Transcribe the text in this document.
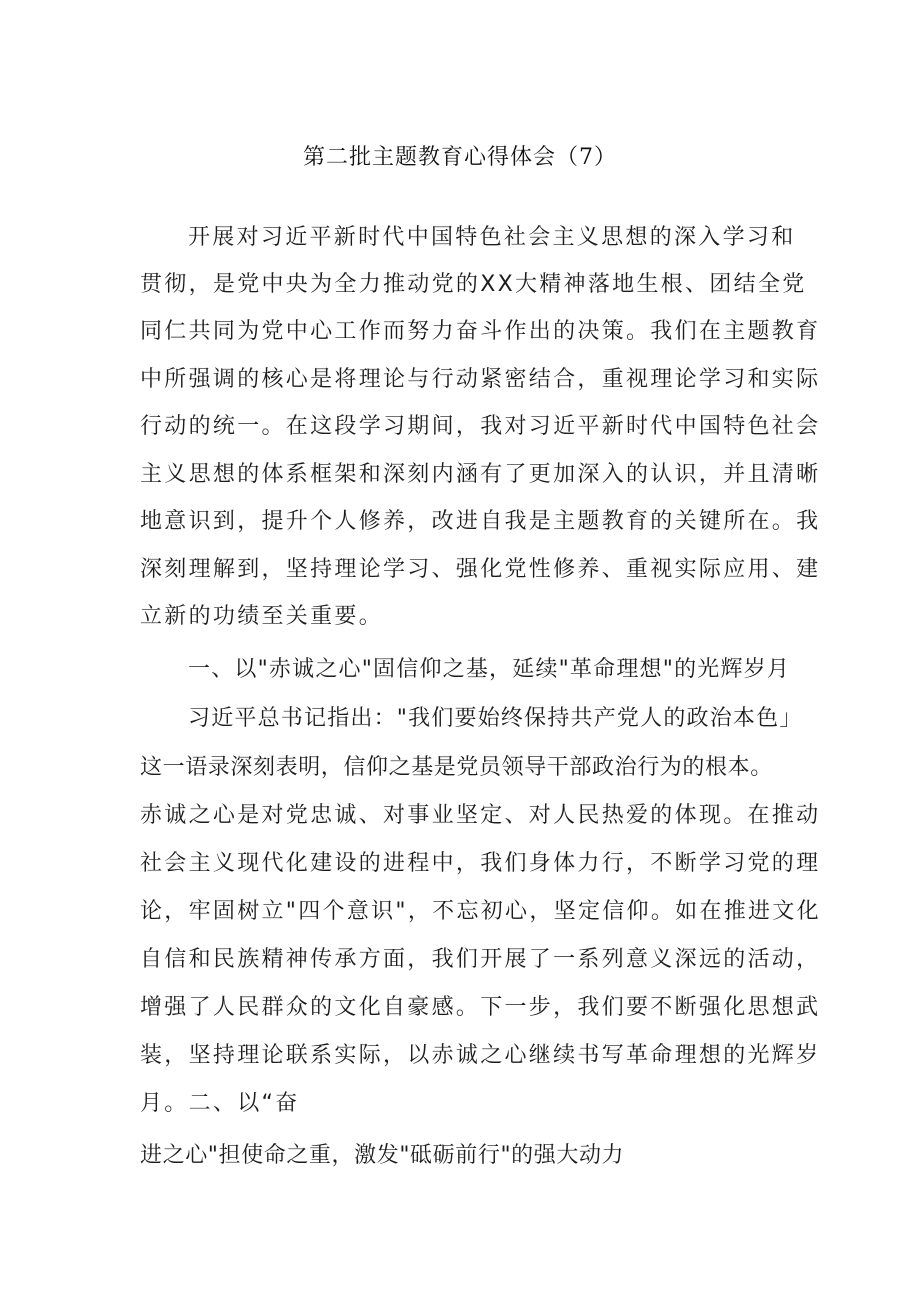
第二批主题教育心得体会（7）
开展对习近平新时代中国特色社会主义思想的深入学习和
贯彻，是党中央为全力推动党的XX大精神落地生根、团结全党
同仁共同为党中心工作而努力奋斗作出的决策。我们在主题教育
中所强调的核心是将理论与行动紧密结合，重视理论学习和实际
行动的统一。在这段学习期间，我对习近平新时代中国特色社会
主义思想的体系框架和深刻内涵有了更加深入的认识，并且清晰
地意识到，提升个人修养，改进自我是主题教育的关键所在。我
深刻理解到，坚持理论学习、强化党性修养、重视实际应用、建
立新的功绩至关重要。
一、以"赤诚之心"固信仰之基，延续"革命理想"的光辉岁月
习近平总书记指出："我们要始终保持共产党人的政治本色」
这一语录深刻表明，信仰之基是党员领导干部政治行为的根本。
赤诚之心是对党忠诚、对事业坚定、对人民热爱的体现。在推动
社会主义现代化建设的进程中，我们身体力行，不断学习党的理
论，牢固树立"四个意识"，不忘初心，坚定信仰。如在推进文化
自信和民族精神传承方面，我们开展了一系列意义深远的活动，
增强了人民群众的文化自豪感。下一步，我们要不断强化思想武
装，坚持理论联系实际，以赤诚之心继续书写革命理想的光辉岁
月。二、以“奋
进之心"担使命之重，激发"砥砺前行"的强大动力
